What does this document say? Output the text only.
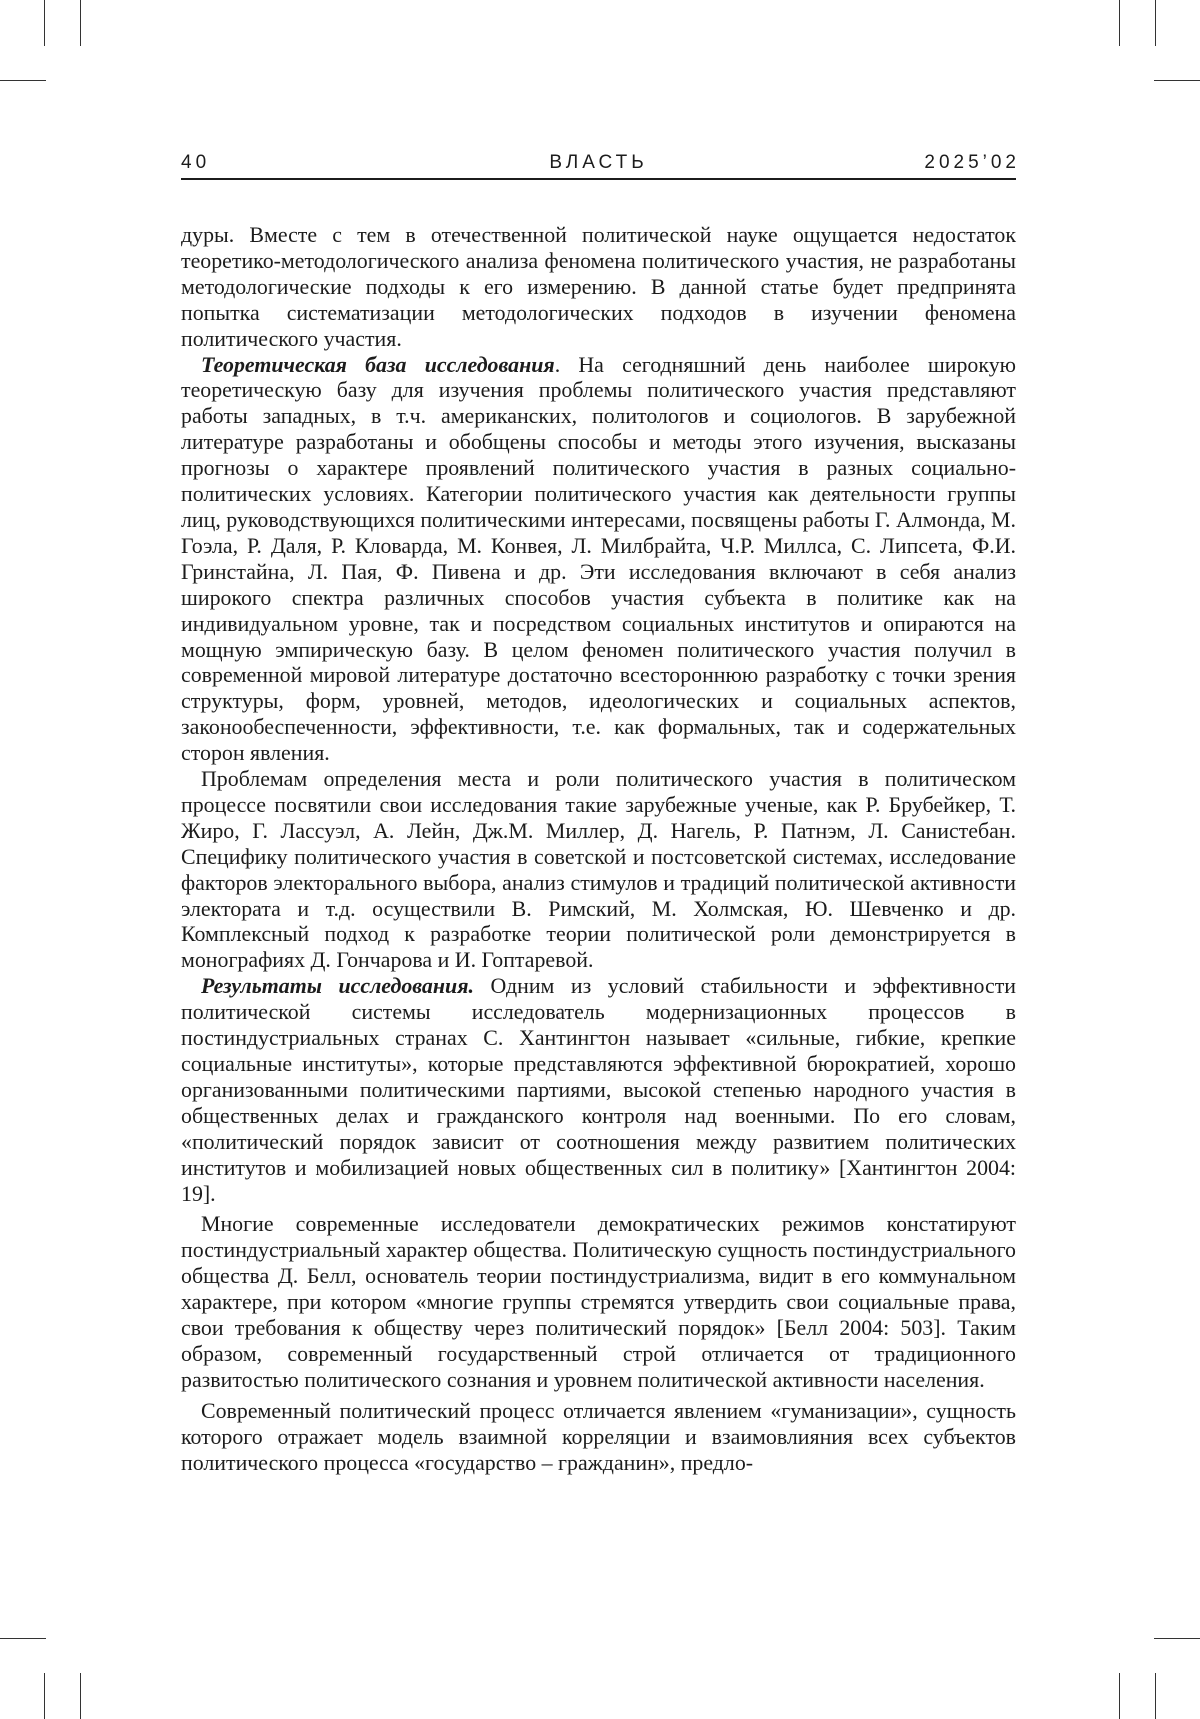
ВЛАСТЬ
40	2025’02

дуры. Вместе с тем в отечественной политической науке ощущается недостаток теоретико-методологического анализа феномена политического участия, не разработаны методологические подходы к его измерению. В данной статье будет предпринята попытка систематизации методологических подходов в изучении феномена политического участия.

Теоретическая база исследования. На сегодняшний день наиболее широкую теоретическую базу для изучения проблемы политического участия представляют работы западных, в т.ч. американских, политологов и социологов. В зарубежной литературе разработаны и обобщены способы и методы этого изучения, высказаны прогнозы о характере проявлений политического участия в разных социально-политических условиях. Категории политического участия как деятельности группы лиц, руководствующихся политическими интересами, посвящены работы Г. Алмонда, М. Гоэла, Р. Даля, Р. Кловарда, М. Конвея, Л. Милбрайта, Ч.Р. Миллса, С. Липсета, Ф.И. Гринстайна, Л. Пая, Ф. Пивена и др. Эти исследования включают в себя анализ широкого спектра различных способов участия субъекта в политике как на индивидуальном уровне, так и посредством социальных институтов и опираются на мощную эмпирическую базу. В целом феномен политического участия получил в современной мировой литературе достаточно всестороннюю разработку с точки зрения структуры, форм, уровней, методов, идеологических и социальных аспектов, законообеспеченности, эффективности, т.е. как формальных, так и содержательных сторон явления.

Проблемам определения места и роли политического участия в политическом процессе посвятили свои исследования такие зарубежные ученые, как Р. Брубейкер, Т. Жиро, Г. Лассуэл, А. Лейн, Дж.М. Миллер, Д. Нагель, Р. Патнэм, Л. Санистебан. Специфику политического участия в советской и постсоветской системах, исследование факторов электорального выбора, анализ стимулов и традиций политической активности электората и т.д. осуществили В. Римский, М. Холмская, Ю. Шевченко и др. Комплексный подход к разработке теории политической роли демонстрируется в монографиях Д. Гончарова и И. Гоптаревой.

Результаты исследования. Одним из условий стабильности и эффективности политической системы исследователь модернизационных процессов в постиндустриальных странах С. Хантингтон называет «сильные, гибкие, крепкие социальные институты», которые представляются эффективной бюрократией, хорошо организованными политическими партиями, высокой степенью народного участия в общественных делах и гражданского контроля над военными. По его словам, «политический порядок зависит от соотношения между развитием политических институтов и мобилизацией новых общественных сил в политику» [Хантингтон 2004: 19].

Многие современные исследователи демократических режимов констатируют постиндустриальный характер общества. Политическую сущность постиндустриального общества Д. Белл, основатель теории постиндустриализма, видит в его коммунальном характере, при котором «многие группы стремятся утвердить свои социальные права, свои требования к обществу через политический порядок» [Белл 2004: 503]. Таким образом, современный государственный строй отличается от традиционного развитостью политического сознания и уровнем политической активности населения.

Современный политический процесс отличается явлением «гуманизации», сущность которого отражает модель взаимной корреляции и взаимовлияния всех субъектов политического процесса «государство – гражданин», предло-
